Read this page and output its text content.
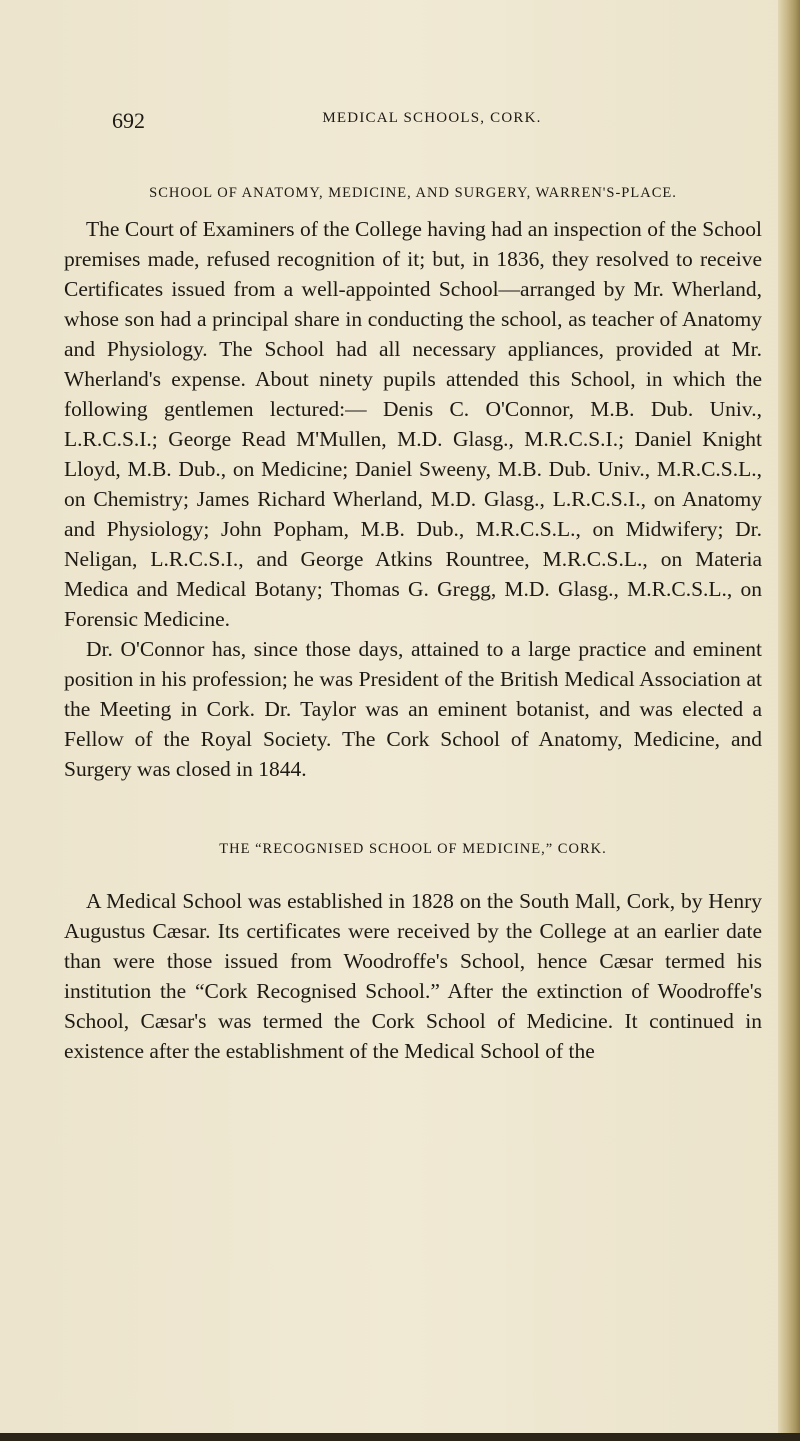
692	MEDICAL SCHOOLS, CORK.
SCHOOL OF ANATOMY, MEDICINE, AND SURGERY, WARREN'S-PLACE.

The Court of Examiners of the College having had an inspection of the School premises made, refused recognition of it; but, in 1836, they resolved to receive Certificates issued from a well-appointed School—arranged by Mr. Wherland, whose son had a principal share in conducting the school, as teacher of Anatomy and Physiology. The School had all necessary appliances, provided at Mr. Wherland's expense. About ninety pupils attended this School, in which the following gentlemen lectured:— Denis C. O'Connor, M.B. Dub. Univ., L.R.C.S.I.; George Read M'Mullen, M.D. Glasg., M.R.C.S.I.; Daniel Knight Lloyd, M.B. Dub., on Medicine; Daniel Sweeny, M.B. Dub. Univ., M.R.C.S.L., on Chemistry; James Richard Wherland, M.D. Glasg., L.R.C.S.I., on Anatomy and Physiology; John Popham, M.B. Dub., M.R.C.S.L., on Midwifery; Dr. Neligan, L.R.C.S.I., and George Atkins Rountree, M.R.C.S.L., on Materia Medica and Medical Botany; Thomas G. Gregg, M.D. Glasg., M.R.C.S.L., on Forensic Medicine.

Dr. O'Connor has, since those days, attained to a large practice and eminent position in his profession; he was President of the British Medical Association at the Meeting in Cork. Dr. Taylor was an eminent botanist, and was elected a Fellow of the Royal Society. The Cork School of Anatomy, Medicine, and Surgery was closed in 1844.

THE “RECOGNISED SCHOOL OF MEDICINE,” CORK.

A Medical School was established in 1828 on the South Mall, Cork, by Henry Augustus Cæsar. Its certificates were received by the College at an earlier date than were those issued from Woodroffe's School, hence Cæsar termed his institution the “Cork Recognised School.” After the extinction of Woodroffe's School, Cæsar's was termed the Cork School of Medicine. It continued in existence after the establishment of the Medical School of the
